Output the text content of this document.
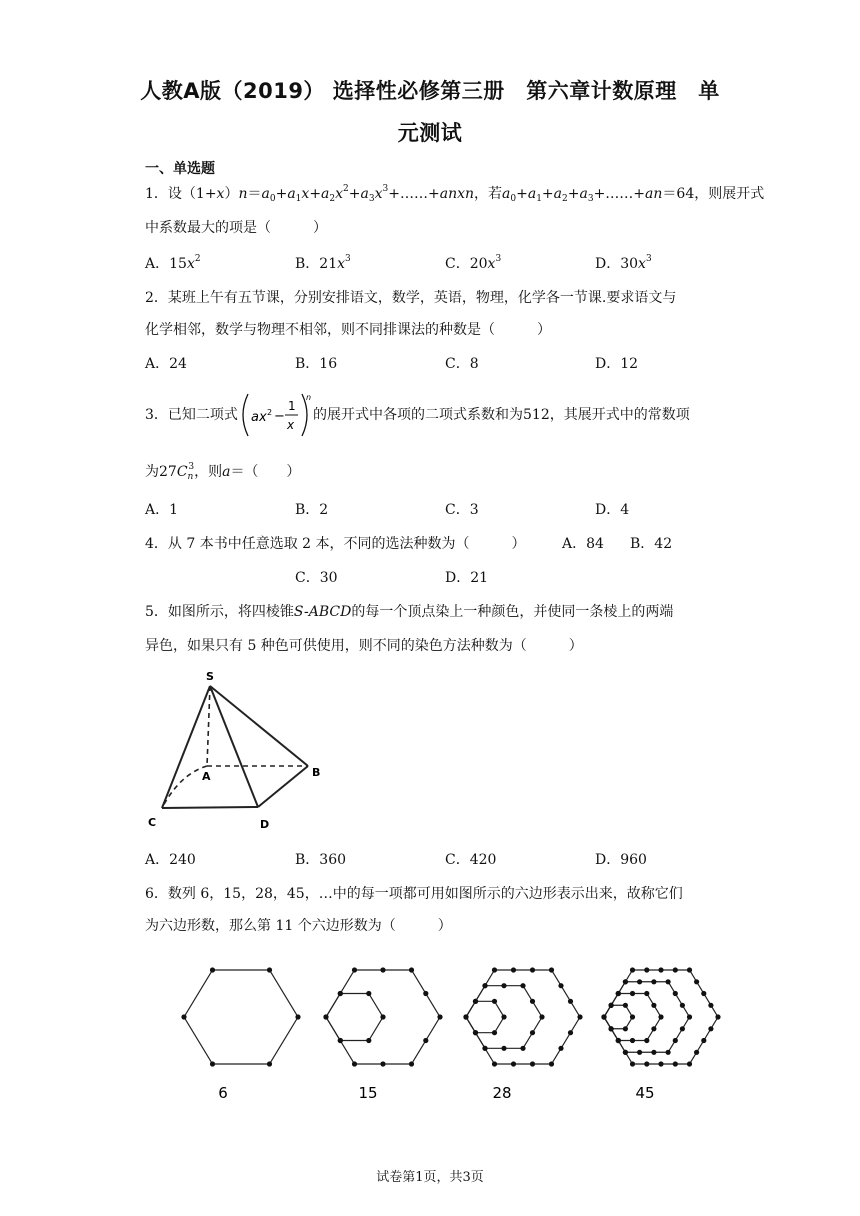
人教A版（2019） 选择性必修第三册　第六章计数原理　单
元测试
一、单选题
1．设$(1+x)n=a_0+a_1x+a_2x^2+a_3x^3+\dots\dots+anxn$，若$a_0+a_1+a_2+a_3+\dots\dots+an=64$，则展开式
中系数最大的项是（　　　）
A．$15x^2$	B．$21x^3$	C．$20x^3$	D．$30x^3$
2．某班上午有五节课，分别安排语文，数学，英语，物理，化学各一节课.要求语文与
化学相邻，数学与物理不相邻，则不同排课法的种数是（　　　）
A．24	B．16	C．8	D．12
3．已知二项式 a x 2 −
1
x
n
的展开式中各项的二项式系数和为512，其展开式中的常数项
为$27C_n^3$，则a＝（　　）
A．1	B．2	C．3	D．4
4．从 7 本书中任意选取 2 本，不同的选法种数为（　　　）	A．84 B．42
C．30	D．21
5．如图所示，将四棱锥S-ABCD的每一个顶点染上一种颜色，并使同一条棱上的两端
异色，如果只有 5 种色可供使用，则不同的染色方法种数为（　　　）
S
A	B
C	D
A．240	B．360	C．420	D．960
6．数列 6，15，28，45，…中的每一项都可用如图所示的六边形表示出来，故称它们
为六边形数，那么第 11 个六边形数为（　　　）
6	15	28	45
试卷第1页，共3页
